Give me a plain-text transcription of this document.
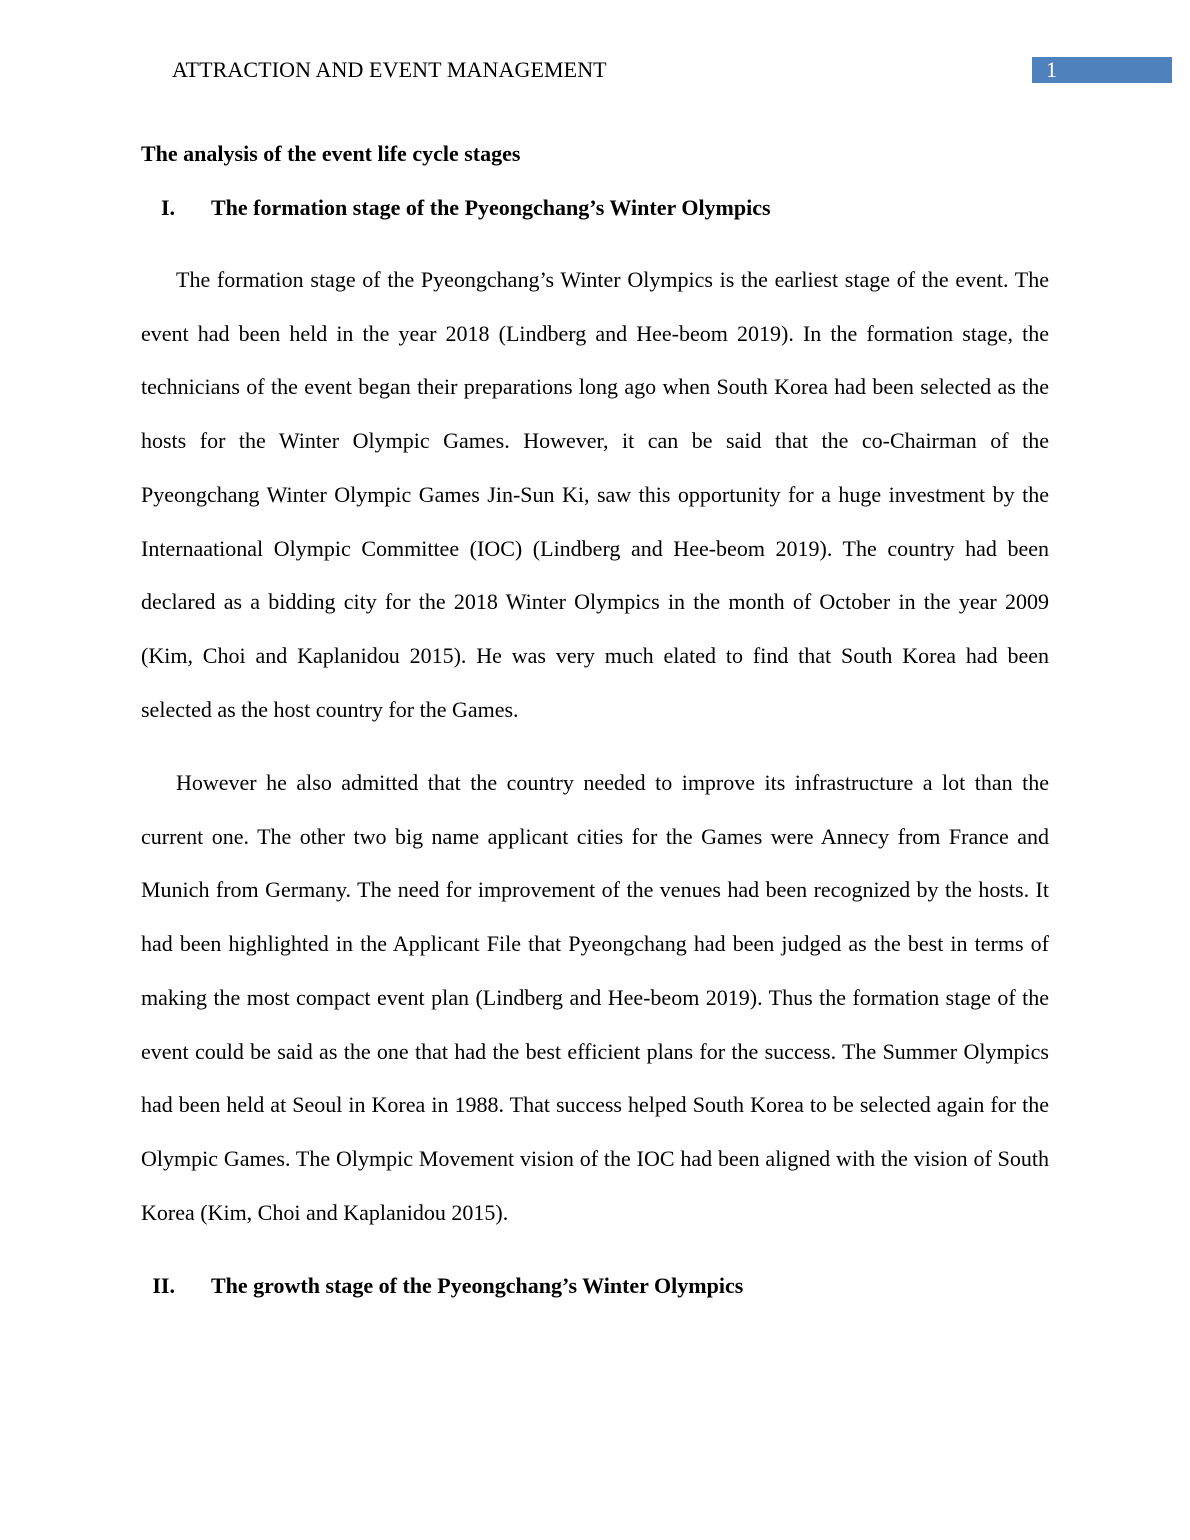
ATTRACTION AND EVENT MANAGEMENT	1
The analysis of the event life cycle stages
I. The formation stage of the Pyeongchang’s Winter Olympics

The formation stage of the Pyeongchang’s Winter Olympics is the earliest stage of the event. The event had been held in the year 2018 (Lindberg and Hee-beom 2019). In the formation stage, the technicians of the event began their preparations long ago when South Korea had been selected as the hosts for the Winter Olympic Games. However, it can be said that the co-Chairman of the Pyeongchang Winter Olympic Games Jin-Sun Ki, saw this opportunity for a huge investment by the Internaational Olympic Committee (IOC) (Lindberg and Hee-beom 2019). The country had been declared as a bidding city for the 2018 Winter Olympics in the month of October in the year 2009 (Kim, Choi and Kaplanidou 2015). He was very much elated to find that South Korea had been selected as the host country for the Games.

However he also admitted that the country needed to improve its infrastructure a lot than the current one. The other two big name applicant cities for the Games were Annecy from France and Munich from Germany. The need for improvement of the venues had been recognized by the hosts. It had been highlighted in the Applicant File that Pyeongchang had been judged as the best in terms of making the most compact event plan (Lindberg and Hee-beom 2019). Thus the formation stage of the event could be said as the one that had the best efficient plans for the success. The Summer Olympics had been held at Seoul in Korea in 1988. That success helped South Korea to be selected again for the Olympic Games. The Olympic Movement vision of the IOC had been aligned with the vision of South Korea (Kim, Choi and Kaplanidou 2015).

II. The growth stage of the Pyeongchang’s Winter Olympics
